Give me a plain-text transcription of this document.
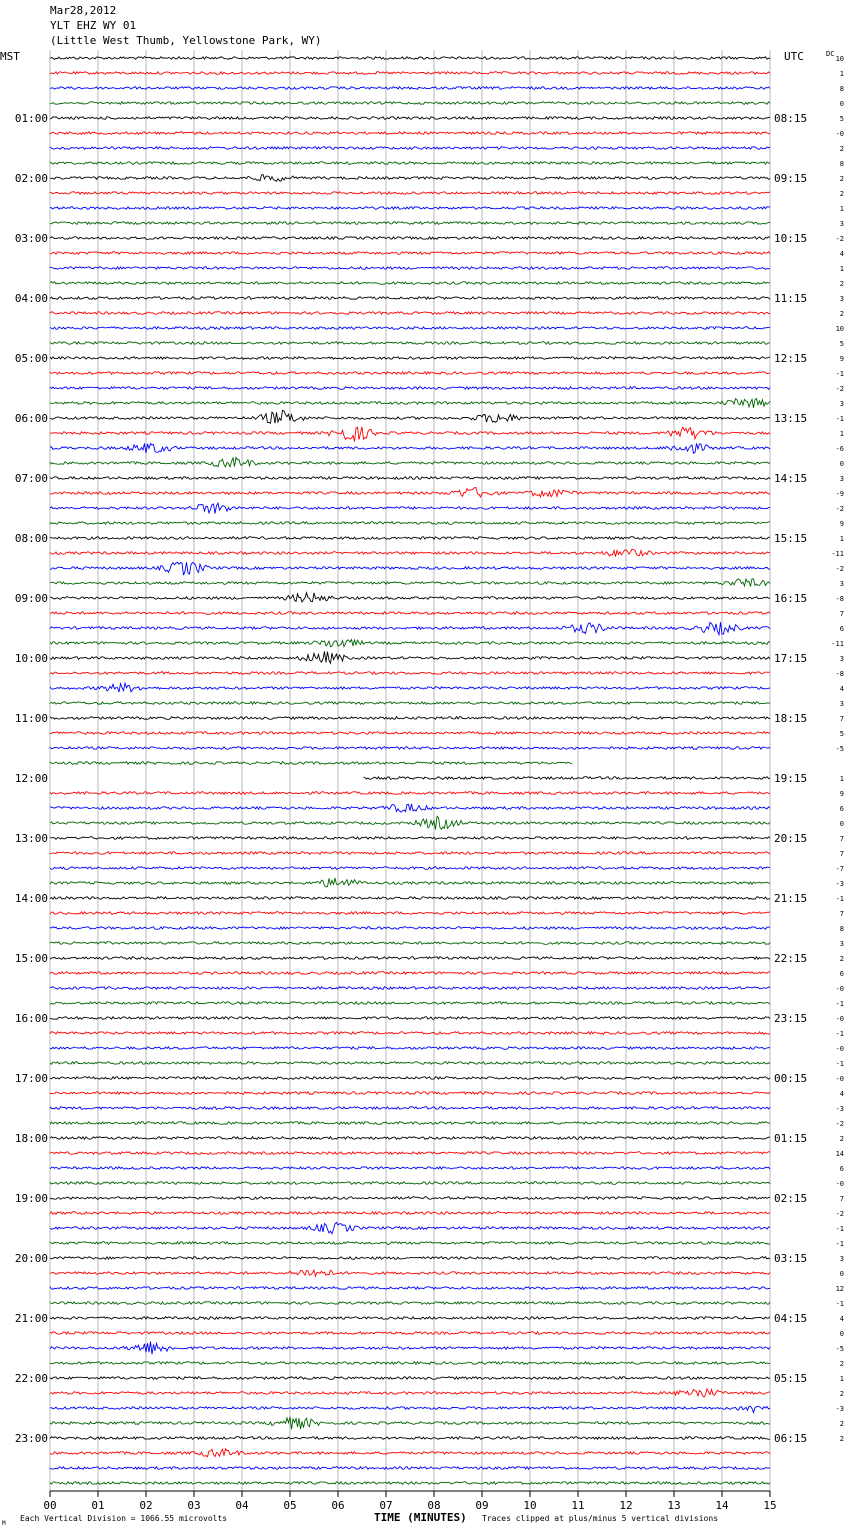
Mar28,2012
YLT EHZ WY 01
(Little West Thumb, Yellowstone Park, WY)
MST	UTC	DC
10
1
8
0
5
-0
2
8
2
2
1
3
-2
4
1
2
3
2
10
5
9
-1
-2
3
-1
1
-6
0
3
-9
-2
9
1
-11
-2
3
-8
7
6
-11
3
-8
4
3
7
5
-5
1
9
6
0
7
7
-7
-3
-1
7
8
3
2
6
-0
-1
-0
-1
-0
-1
-0
4
-3
-2
2
14
6
-0
7
-2
-1
-1
3
0
12
-1
4
0
-5
2
1
2
-3
2
2
01:00
02:00
03:00
04:00
05:00
06:00
07:00
08:00
09:00
10:00
11:00
12:00
13:00
14:00
15:00
16:00
17:00
18:00
19:00
20:00
21:00
22:00
23:00
08:15
09:15
10:15
11:15
12:15
13:15
14:15
15:15
16:15
17:15
18:15
19:15
20:15
21:15
22:15
23:15
00:15
01:15
02:15
03:15
04:15
05:15
06:15
00	01	02	03	04	05	06	07	08	09	10	11	12	13	14	15
M
Each Vertical Division = 1066.55 microvolts	TIME (MINUTES) Traces clipped at plus/minus 5 vertical divisions
